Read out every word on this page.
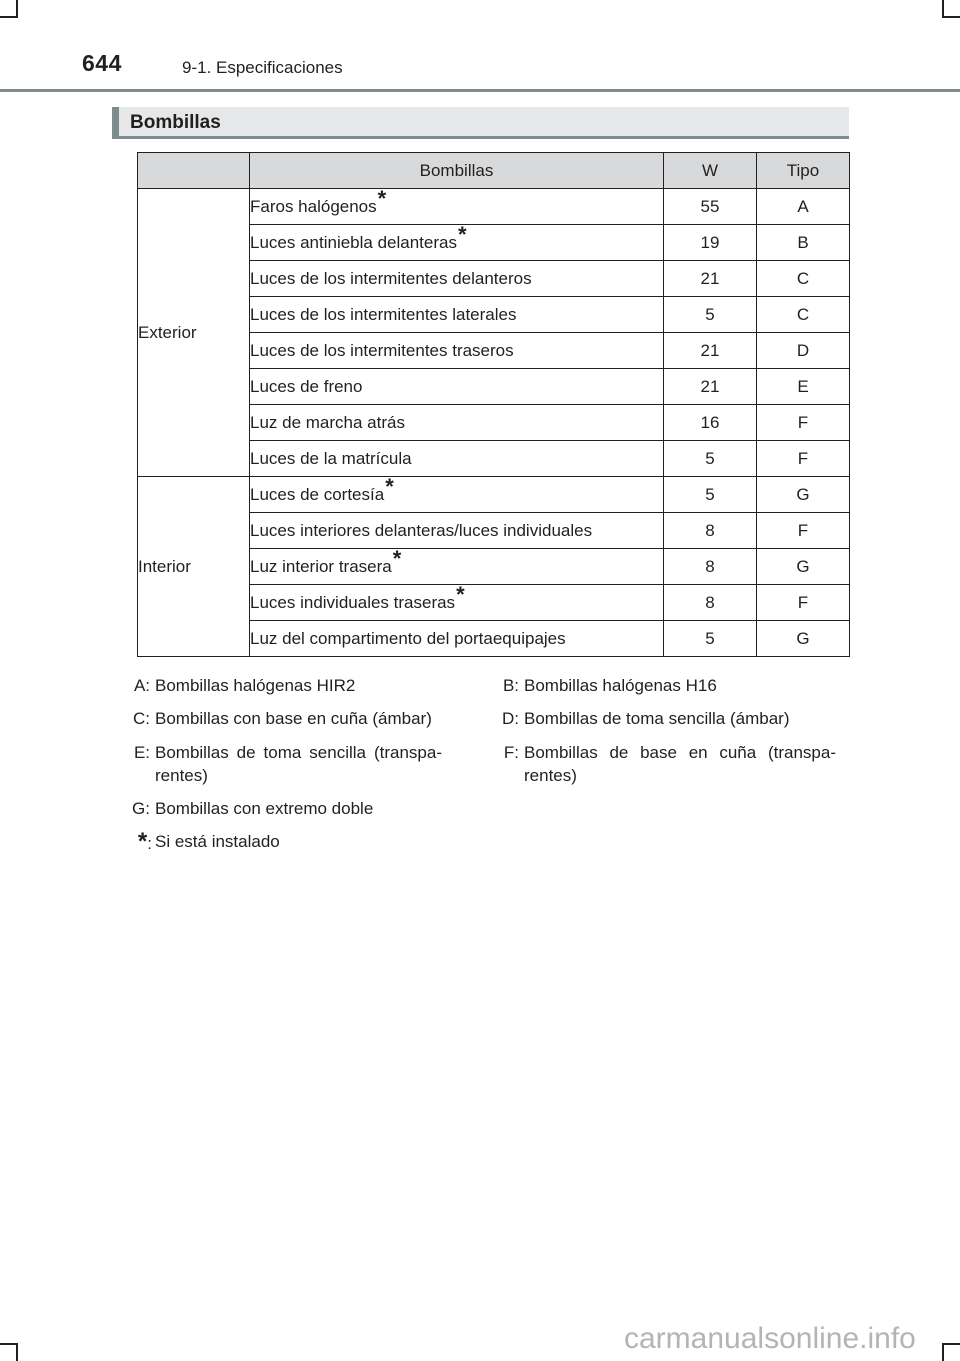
644	9-1. Especificaciones
Bombillas
	Bombillas	W	Tipo
Exterior	Faros halógenos*	55	A
	Luces antiniebla delanteras*	19	B
	Luces de los intermitentes delanteros	21	C
	Luces de los intermitentes laterales	5	C
	Luces de los intermitentes traseros	21	D
	Luces de freno	21	E
	Luz de marcha atrás	16	F
	Luces de la matrícula	5	F
Interior	Luces de cortesía*	5	G
	Luces interiores delanteras/luces individuales	8	F
	Luz interior trasera*	8	G
	Luces individuales traseras*	8	F
	Luz del compartimento del portaequipajes	5	G
A: Bombillas halógenas HIR2	B: Bombillas halógenas H16
C: Bombillas con base en cuña (ámbar)	D: Bombillas de toma sencilla (ámbar)
E: Bombillas de toma sencilla (transpa-rentes)
F: Bombillas de base en cuña (transpa-rentes)
G: Bombillas con extremo doble
*: Si está instalado
carmanualsonline.info
